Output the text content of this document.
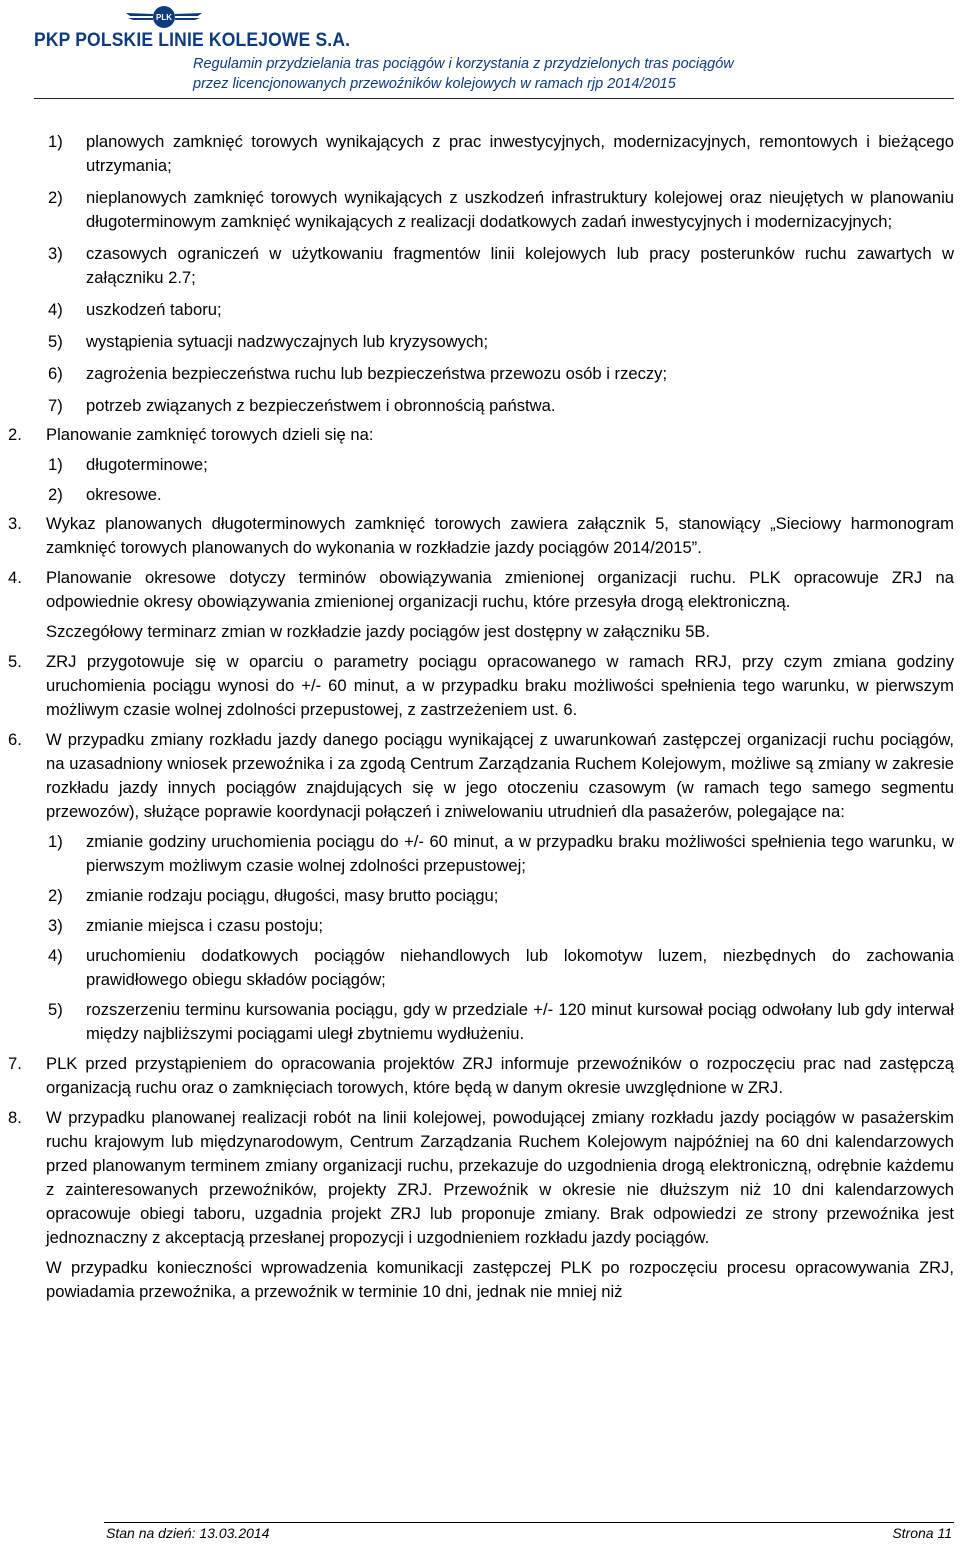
PLK
PKP POLSKIE LINIE KOLEJOWE S.A.
Regulamin przydzielania tras pociągów i korzystania z przydzielonych tras pociągów
przez licencjonowanych przewoźników kolejowych w ramach rjp 2014/2015
1) planowych zamknięć torowych wynikających z prac inwestycyjnych, modernizacyjnych, remontowych i bieżącego utrzymania;
2) nieplanowych zamknięć torowych wynikających z uszkodzeń infrastruktury kolejowej oraz nieujętych w planowaniu długoterminowym zamknięć wynikających z realizacji dodatkowych zadań inwestycyjnych i modernizacyjnych;
3) czasowych ograniczeń w użytkowaniu fragmentów linii kolejowych lub pracy posterunków ruchu zawartych w załączniku 2.7;
4) uszkodzeń taboru;
5) wystąpienia sytuacji nadzwyczajnych lub kryzysowych;
6) zagrożenia bezpieczeństwa ruchu lub bezpieczeństwa przewozu osób i rzeczy;
7) potrzeb związanych z bezpieczeństwem i obronnością państwa.
2. Planowanie zamknięć torowych dzieli się na:
1) długoterminowe;
2) okresowe.
3. Wykaz planowanych długoterminowych zamknięć torowych zawiera załącznik 5, stanowiący „Sieciowy harmonogram zamknięć torowych planowanych do wykonania w rozkładzie jazdy pociągów 2014/2015”.
4. Planowanie okresowe dotyczy terminów obowiązywania zmienionej organizacji ruchu. PLK opracowuje ZRJ na odpowiednie okresy obowiązywania zmienionej organizacji ruchu, które przesyła drogą elektroniczną.
Szczegółowy terminarz zmian w rozkładzie jazdy pociągów jest dostępny w załączniku 5B.
5. ZRJ przygotowuje się w oparciu o parametry pociągu opracowanego w ramach RRJ, przy czym zmiana godziny uruchomienia pociągu wynosi do +/- 60 minut, a w przypadku braku możliwości spełnienia tego warunku, w pierwszym możliwym czasie wolnej zdolności przepustowej, z zastrzeżeniem ust. 6.
6. W przypadku zmiany rozkładu jazdy danego pociągu wynikającej z uwarunkowań zastępczej organizacji ruchu pociągów, na uzasadniony wniosek przewoźnika i za zgodą Centrum Zarządzania Ruchem Kolejowym, możliwe są zmiany w zakresie rozkładu jazdy innych pociągów znajdujących się w jego otoczeniu czasowym (w ramach tego samego segmentu przewozów), służące poprawie koordynacji połączeń i zniwelowaniu utrudnień dla pasażerów, polegające na:
1) zmianie godziny uruchomienia pociągu do +/- 60 minut, a w przypadku braku możliwości spełnienia tego warunku, w pierwszym możliwym czasie wolnej zdolności przepustowej;
2) zmianie rodzaju pociągu, długości, masy brutto pociągu;
3) zmianie miejsca i czasu postoju;
4) uruchomieniu dodatkowych pociągów niehandlowych lub lokomotyw luzem, niezbędnych do zachowania prawidłowego obiegu składów pociągów;
5) rozszerzeniu terminu kursowania pociągu, gdy w przedziale +/- 120 minut kursował pociąg odwołany lub gdy interwał między najbliższymi pociągami uległ zbytniemu wydłużeniu.
7. PLK przed przystąpieniem do opracowania projektów ZRJ informuje przewoźników o rozpoczęciu prac nad zastępczą organizacją ruchu oraz o zamknięciach torowych, które będą w danym okresie uwzględnione w ZRJ.
8. W przypadku planowanej realizacji robót na linii kolejowej, powodującej zmiany rozkładu jazdy pociągów w pasażerskim ruchu krajowym lub międzynarodowym, Centrum Zarządzania Ruchem Kolejowym najpóźniej na 60 dni kalendarzowych przed planowanym terminem zmiany organizacji ruchu, przekazuje do uzgodnienia drogą elektroniczną, odrębnie każdemu z zainteresowanych przewoźników, projekty ZRJ. Przewoźnik w okresie nie dłuższym niż 10 dni kalendarzowych opracowuje obiegi taboru, uzgadnia projekt ZRJ lub proponuje zmiany. Brak odpowiedzi ze strony przewoźnika jest jednoznaczny z akceptacją przesłanej propozycji i uzgodnieniem rozkładu jazdy pociągów.
W przypadku konieczności wprowadzenia komunikacji zastępczej PLK po rozpoczęciu procesu opracowywania ZRJ, powiadamia przewoźnika, a przewoźnik w terminie 10 dni, jednak nie mniej niż
Stan na dzień: 13.03.2014	Strona 11
